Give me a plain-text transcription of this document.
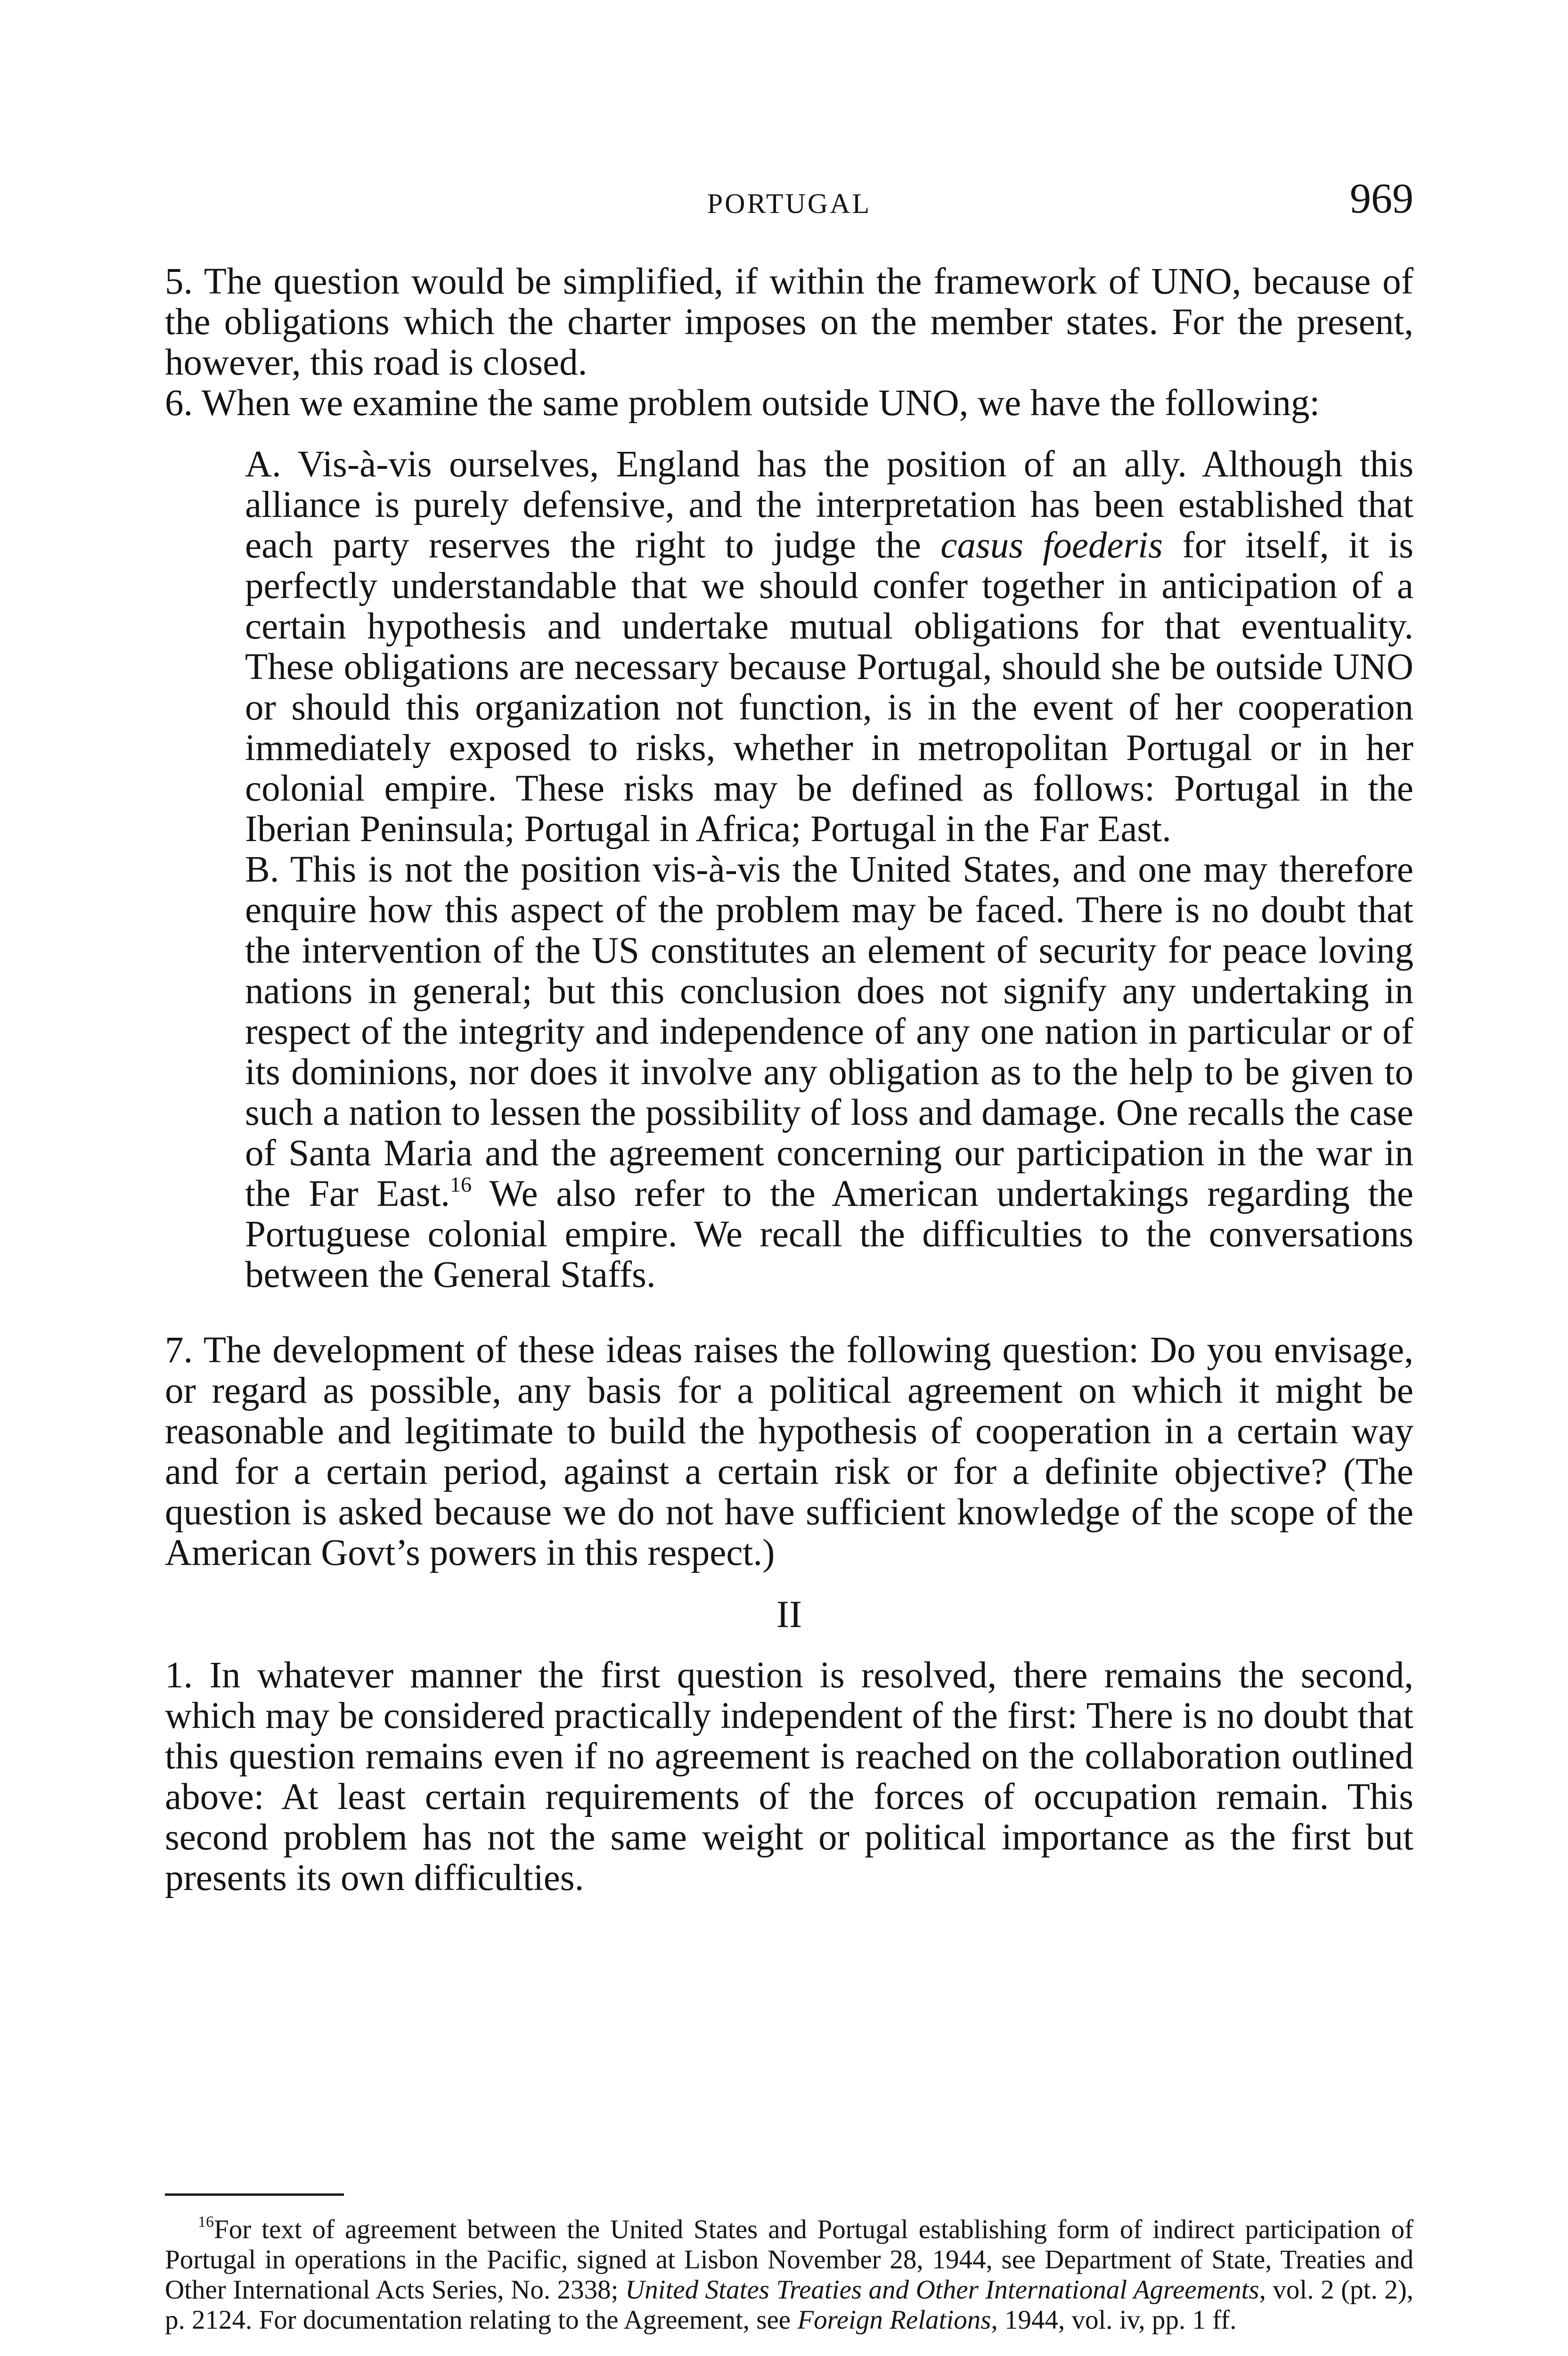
PORTUGAL	969

5. The question would be simplified, if within the framework of UNO, because of the obligations which the charter imposes on the member states. For the present, however, this road is closed.

6. When we examine the same problem outside UNO, we have the following:

A. Vis-à-vis ourselves, England has the position of an ally. Although this alliance is purely defensive, and the interpretation has been established that each party reserves the right to judge the casus foederis for itself, it is perfectly understandable that we should confer together in anticipation of a certain hypothesis and undertake mutual obligations for that eventuality. These obligations are necessary because Portugal, should she be outside UNO or should this organization not function, is in the event of her cooperation immediately exposed to risks, whether in metropolitan Portugal or in her colonial empire. These risks may be defined as follows: Portugal in the Iberian Peninsula; Portugal in Africa; Portugal in the Far East.

B. This is not the position vis-à-vis the United States, and one may therefore enquire how this aspect of the problem may be faced. There is no doubt that the intervention of the US constitutes an element of security for peace loving nations in general; but this conclusion does not signify any undertaking in respect of the integrity and independence of any one nation in particular or of its dominions, nor does it involve any obligation as to the help to be given to such a nation to lessen the possibility of loss and damage. One recalls the case of Santa Maria and the agreement concerning our participation in the war in the Far East.$^{16}$ We also refer to the American undertakings regarding the Portuguese colonial empire. We recall the difficulties to the conversations between the General Staffs.

7. The development of these ideas raises the following question: Do you envisage, or regard as possible, any basis for a political agreement on which it might be reasonable and legitimate to build the hypothesis of cooperation in a certain way and for a certain period, against a certain risk or for a definite objective? (The question is asked because we do not have sufficient knowledge of the scope of the American Govt’s powers in this respect.)

II

1. In whatever manner the first question is resolved, there remains the second, which may be considered practically independent of the first: There is no doubt that this question remains even if no agreement is reached on the collaboration outlined above: At least certain requirements of the forces of occupation remain. This second problem has not the same weight or political importance as the first but presents its own difficulties.

$^{16}$For text of agreement between the United States and Portugal establishing form of indirect participation of Portugal in operations in the Pacific, signed at Lisbon November 28, 1944, see Department of State, Treaties and Other International Acts Series, No. 2338; United States Treaties and Other International Agreements, vol. 2 (pt. 2), p. 2124. For documentation relating to the Agreement, see Foreign Relations, 1944, vol. iv, pp. 1 ff.
